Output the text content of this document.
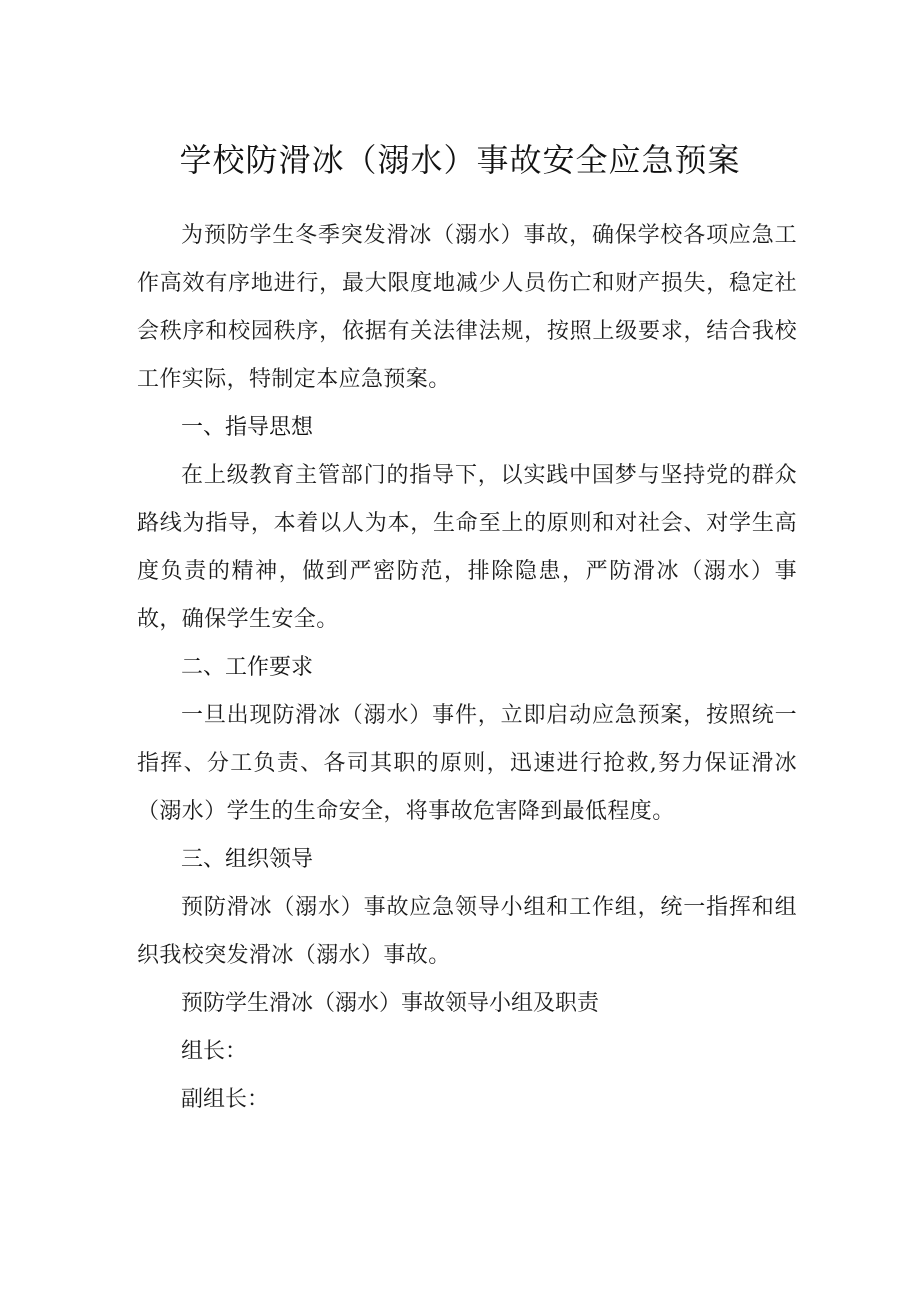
学校防滑冰（溺水）事故安全应急预案

为预防学生冬季突发滑冰（溺水）事故，确保学校各项应急工作高效有序地进行，最大限度地减少人员伤亡和财产损失，稳定社会秩序和校园秩序，依据有关法律法规，按照上级要求，结合我校工作实际，特制定本应急预案。

一、指导思想

在上级教育主管部门的指导下，以实践中国梦与坚持党的群众路线为指导，本着以人为本，生命至上的原则和对社会、对学生高度负责的精神，做到严密防范，排除隐患，严防滑冰（溺水）事故，确保学生安全。

二、工作要求

一旦出现防滑冰（溺水）事件，立即启动应急预案，按照统一指挥、分工负责、各司其职的原则，迅速进行抢救,努力保证滑冰（溺水）学生的生命安全，将事故危害降到最低程度。

三、组织领导

预防滑冰（溺水）事故应急领导小组和工作组，统一指挥和组织我校突发滑冰（溺水）事故。

预防学生滑冰（溺水）事故领导小组及职责

组长：

副组长：
